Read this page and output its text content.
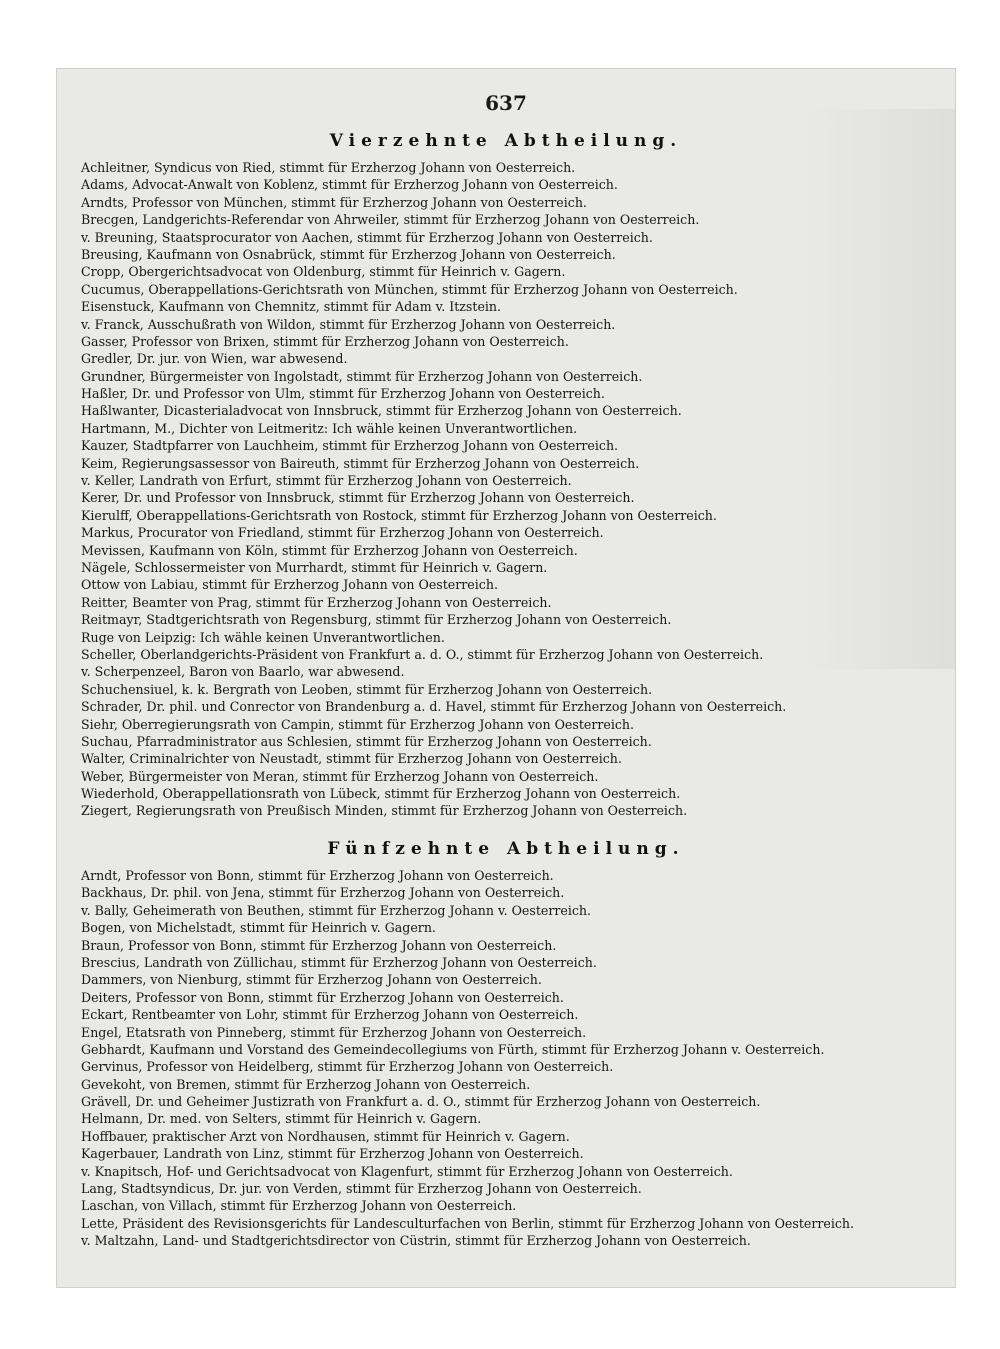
637
Vierzehnte Abtheilung.
Achleitner, Syndicus von Ried, stimmt für Erzherzog Johann von Oesterreich.
Adams, Advocat-Anwalt von Koblenz, stimmt für Erzherzog Johann von Oesterreich.
Arndts, Professor von München, stimmt für Erzherzog Johann von Oesterreich.
Brecgen, Landgerichts-Referendar von Ahrweiler, stimmt für Erzherzog Johann von Oesterreich.
v. Breuning, Staatsprocurator von Aachen, stimmt für Erzherzog Johann von Oesterreich.
Breusing, Kaufmann von Osnabrück, stimmt für Erzherzog Johann von Oesterreich.
Cropp, Obergerichtsadvocat von Oldenburg, stimmt für Heinrich v. Gagern.
Cucumus, Oberappellations-Gerichtsrath von München, stimmt für Erzherzog Johann von Oesterreich.
Eisenstuck, Kaufmann von Chemnitz, stimmt für Adam v. Itzstein.
v. Franck, Ausschußrath von Wildon, stimmt für Erzherzog Johann von Oesterreich.
Gasser, Professor von Brixen, stimmt für Erzherzog Johann von Oesterreich.
Gredler, Dr. jur. von Wien, war abwesend.
Grundner, Bürgermeister von Ingolstadt, stimmt für Erzherzog Johann von Oesterreich.
Haßler, Dr. und Professor von Ulm, stimmt für Erzherzog Johann von Oesterreich.
Haßlwanter, Dicasterialadvocat von Innsbruck, stimmt für Erzherzog Johann von Oesterreich.
Hartmann, M., Dichter von Leitmeritz: Ich wähle keinen Unverantwortlichen.
Kauzer, Stadtpfarrer von Lauchheim, stimmt für Erzherzog Johann von Oesterreich.
Keim, Regierungsassessor von Baireuth, stimmt für Erzherzog Johann von Oesterreich.
v. Keller, Landrath von Erfurt, stimmt für Erzherzog Johann von Oesterreich.
Kerer, Dr. und Professor von Innsbruck, stimmt für Erzherzog Johann von Oesterreich.
Kierulff, Oberappellations-Gerichtsrath von Rostock, stimmt für Erzherzog Johann von Oesterreich.
Markus, Procurator von Friedland, stimmt für Erzherzog Johann von Oesterreich.
Mevissen, Kaufmann von Köln, stimmt für Erzherzog Johann von Oesterreich.
Nägele, Schlossermeister von Murrhardt, stimmt für Heinrich v. Gagern.
Ottow von Labiau, stimmt für Erzherzog Johann von Oesterreich.
Reitter, Beamter von Prag, stimmt für Erzherzog Johann von Oesterreich.
Reitmayr, Stadtgerichtsrath von Regensburg, stimmt für Erzherzog Johann von Oesterreich.
Ruge von Leipzig: Ich wähle keinen Unverantwortlichen.
Scheller, Oberlandgerichts-Präsident von Frankfurt a. d. O., stimmt für Erzherzog Johann von Oesterreich.
v. Scherpenzeel, Baron von Baarlo, war abwesend.
Schuchensiuel, k. k. Bergrath von Leoben, stimmt für Erzherzog Johann von Oesterreich.
Schrader, Dr. phil. und Conrector von Brandenburg a. d. Havel, stimmt für Erzherzog Johann von Oesterreich.
Siehr, Oberregierungsrath von Campin, stimmt für Erzherzog Johann von Oesterreich.
Suchau, Pfarradministrator aus Schlesien, stimmt für Erzherzog Johann von Oesterreich.
Walter, Criminalrichter von Neustadt, stimmt für Erzherzog Johann von Oesterreich.
Weber, Bürgermeister von Meran, stimmt für Erzherzog Johann von Oesterreich.
Wiederhold, Oberappellationsrath von Lübeck, stimmt für Erzherzog Johann von Oesterreich.
Ziegert, Regierungsrath von Preußisch Minden, stimmt für Erzherzog Johann von Oesterreich.
Fünfzehnte Abtheilung.
Arndt, Professor von Bonn, stimmt für Erzherzog Johann von Oesterreich.
Backhaus, Dr. phil. von Jena, stimmt für Erzherzog Johann von Oesterreich.
v. Bally, Geheimerath von Beuthen, stimmt für Erzherzog Johann v. Oesterreich.
Bogen, von Michelstadt, stimmt für Heinrich v. Gagern.
Braun, Professor von Bonn, stimmt für Erzherzog Johann von Oesterreich.
Brescius, Landrath von Züllichau, stimmt für Erzherzog Johann von Oesterreich.
Dammers, von Nienburg, stimmt für Erzherzog Johann von Oesterreich.
Deiters, Professor von Bonn, stimmt für Erzherzog Johann von Oesterreich.
Eckart, Rentbeamter von Lohr, stimmt für Erzherzog Johann von Oesterreich.
Engel, Etatsrath von Pinneberg, stimmt für Erzherzog Johann von Oesterreich.
Gebhardt, Kaufmann und Vorstand des Gemeindecollegiums von Fürth, stimmt für Erzherzog Johann v. Oesterreich.
Gervinus, Professor von Heidelberg, stimmt für Erzherzog Johann von Oesterreich.
Gevekoht, von Bremen, stimmt für Erzherzog Johann von Oesterreich.
Grävell, Dr. und Geheimer Justizrath von Frankfurt a. d. O., stimmt für Erzherzog Johann von Oesterreich.
Helmann, Dr. med. von Selters, stimmt für Heinrich v. Gagern.
Hoffbauer, praktischer Arzt von Nordhausen, stimmt für Heinrich v. Gagern.
Kagerbauer, Landrath von Linz, stimmt für Erzherzog Johann von Oesterreich.
v. Knapitsch, Hof- und Gerichtsadvocat von Klagenfurt, stimmt für Erzherzog Johann von Oesterreich.
Lang, Stadtsyndicus, Dr. jur. von Verden, stimmt für Erzherzog Johann von Oesterreich.
Laschan, von Villach, stimmt für Erzherzog Johann von Oesterreich.
Lette, Präsident des Revisionsgerichts für Landesculturfachen von Berlin, stimmt für Erzherzog Johann von Oesterreich.
v. Maltzahn, Land- und Stadtgerichtsdirector von Cüstrin, stimmt für Erzherzog Johann von Oesterreich.
